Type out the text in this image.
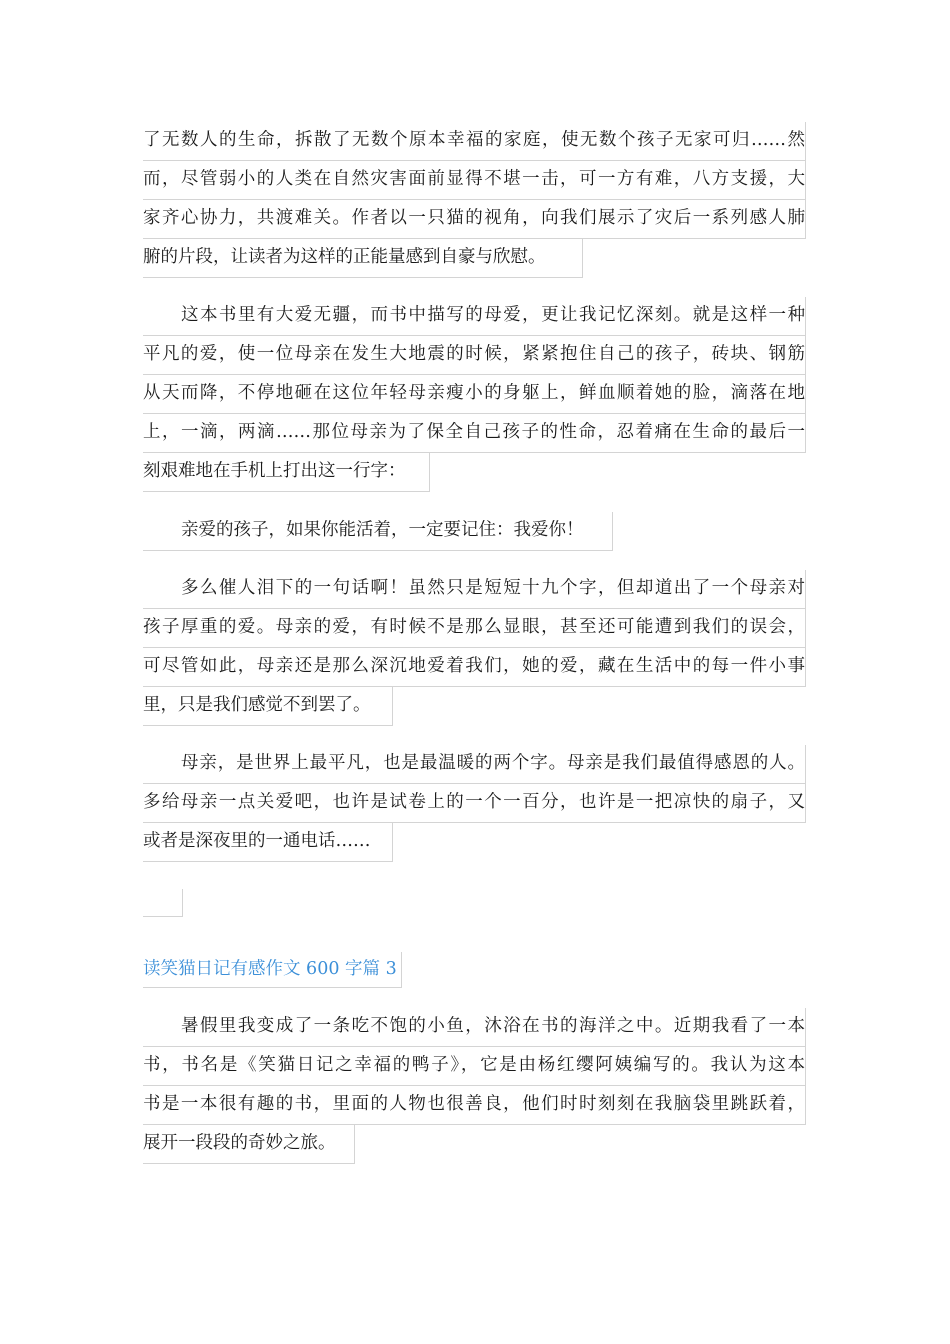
了无数人的生命，拆散了无数个原本幸福的家庭，使无数个孩子无家可归……然
而，尽管弱小的人类在自然灾害面前显得不堪一击，可一方有难，八方支援，大
家齐心协力，共渡难关。作者以一只猫的视角，向我们展示了灾后一系列感人肺
腑的片段，让读者为这样的正能量感到自豪与欣慰。
这本书里有大爱无疆，而书中描写的母爱，更让我记忆深刻。就是这样一种
平凡的爱，使一位母亲在发生大地震的时候，紧紧抱住自己的孩子，砖块、钢筋
从天而降，不停地砸在这位年轻母亲瘦小的身躯上，鲜血顺着她的脸，滴落在地
上，一滴，两滴……那位母亲为了保全自己孩子的性命，忍着痛在生命的最后一
刻艰难地在手机上打出这一行字：
亲爱的孩子，如果你能活着，一定要记住：我爱你！
多么催人泪下的一句话啊！虽然只是短短十九个字，但却道出了一个母亲对
孩子厚重的爱。母亲的爱，有时候不是那么显眼，甚至还可能遭到我们的误会，
可尽管如此，母亲还是那么深沉地爱着我们，她的爱，藏在生活中的每一件小事
里，只是我们感觉不到罢了。
母亲，是世界上最平凡，也是最温暖的两个字。母亲是我们最值得感恩的人。
多给母亲一点关爱吧，也许是试卷上的一个一百分，也许是一把凉快的扇子，又
或者是深夜里的一通电话……
读笑猫日记有感作文 600 字篇 3
暑假里我变成了一条吃不饱的小鱼，沐浴在书的海洋之中。近期我看了一本
书，书名是《笑猫日记之幸福的鸭子》，它是由杨红缨阿姨编写的。我认为这本
书是一本很有趣的书，里面的人物也很善良，他们时时刻刻在我脑袋里跳跃着，
展开一段段的奇妙之旅。
